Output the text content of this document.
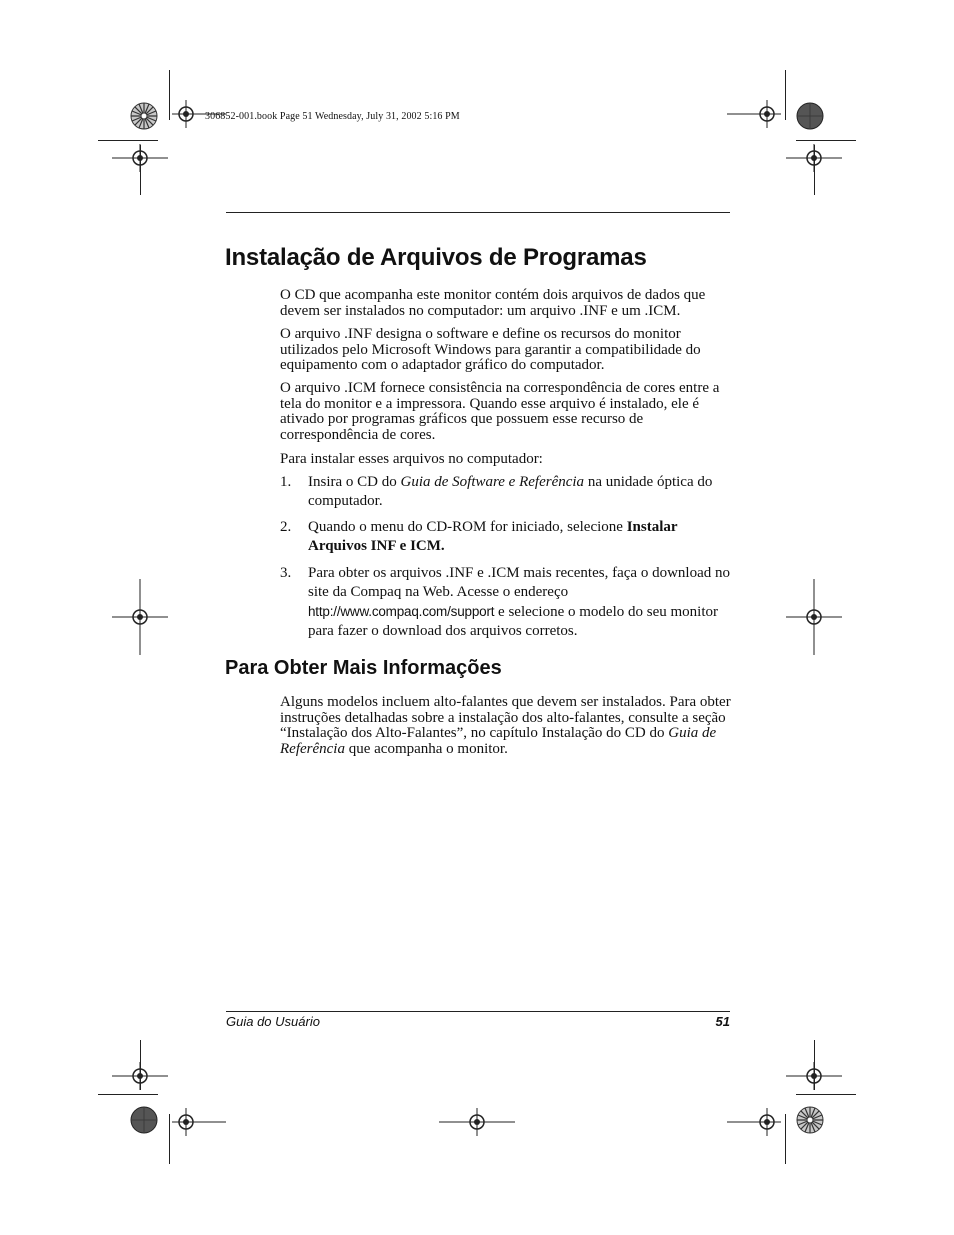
306852-001.book Page 51 Wednesday, July 31, 2002 5:16 PM
Instalação de Arquivos de Programas

O CD que acompanha este monitor contém dois arquivos de dados que devem ser instalados no computador: um arquivo .INF e um .ICM.

O arquivo .INF designa o software e define os recursos do monitor utilizados pelo Microsoft Windows para garantir a compatibilidade do equipamento com o adaptador gráfico do computador.

O arquivo .ICM fornece consistência na correspondência de cores entre a tela do monitor e a impressora. Quando esse arquivo é instalado, ele é ativado por programas gráficos que possuem esse recurso de correspondência de cores.

Para instalar esses arquivos no computador:

1. Insira o CD do Guia de Software e Referência na unidade óptica do computador.
2. Quando o menu do CD-ROM for iniciado, selecione Instalar Arquivos INF e ICM.
3. Para obter os arquivos .INF e .ICM mais recentes, faça o download no site da Compaq na Web. Acesse o endereço
http://www.compaq.com/support e selecione o modelo do seu monitor para fazer o download dos arquivos corretos.
Para Obter Mais Informações

Alguns modelos incluem alto-falantes que devem ser instalados. Para obter instruções detalhadas sobre a instalação dos alto-falantes, consulte a seção “Instalação dos Alto-Falantes”, no capítulo Instalação do CD do Guia de Referência que acompanha o monitor.

Guia do Usuário	51
